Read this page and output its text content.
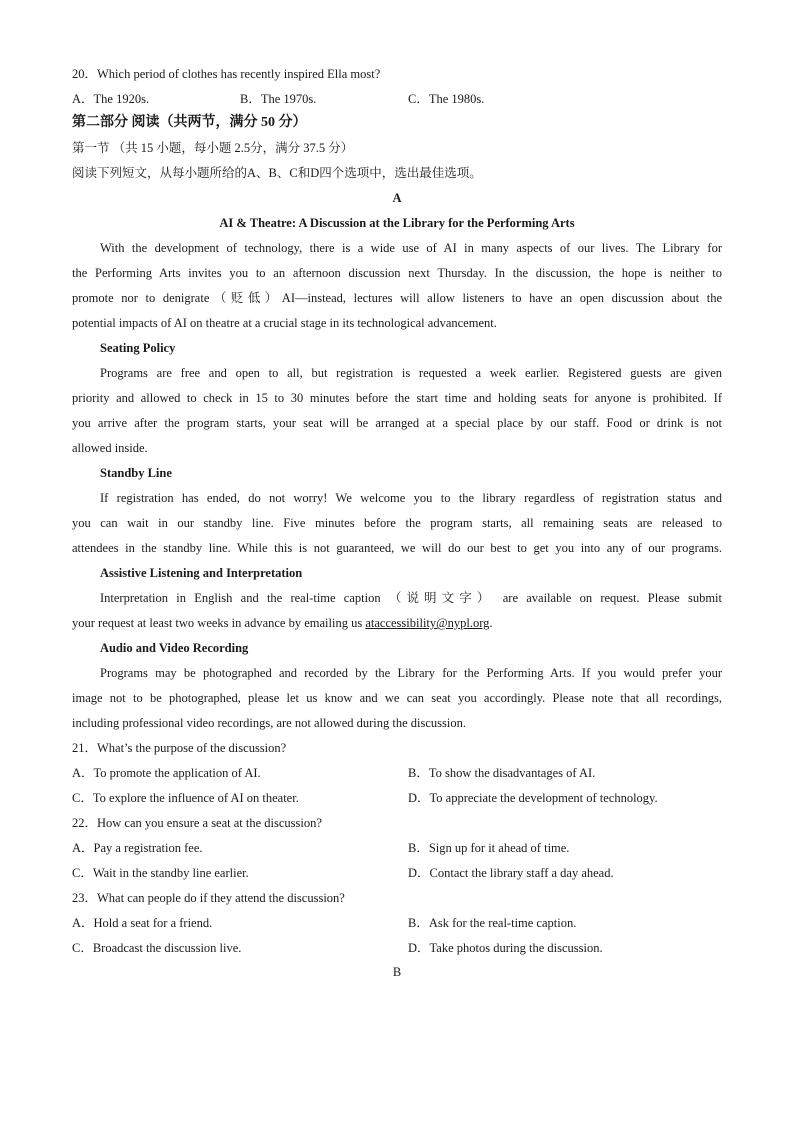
20．Which period of clothes has recently inspired Ella most?
A．The 1920s.	B．The 1970s.	C．The 1980s.
第二部分 阅读（共两节，满分 50 分）
第一节 （共 15 小题，每小题 2.5分，满分 37.5 分）
阅读下列短文，从每小题所给的A、B、C和D四个选项中，选出最佳选项。
A
AI & Theatre: A Discussion at the Library for the Performing Arts
With the development of technology, there is a wide use of AI in many aspects of our lives. The Library for
the Performing Arts invites you to an afternoon discussion next Thursday. In the discussion, the hope is neither to
promote nor to denigrate（贬低）AI—instead, lectures will allow listeners to have an open discussion about the
potential impacts of AI on theatre at a crucial stage in its technological advancement.
Seating Policy
Programs are free and open to all, but registration is requested a week earlier. Registered guests are given
priority and allowed to check in 15 to 30 minutes before the start time and holding seats for anyone is prohibited. If
you arrive after the program starts, your seat will be arranged at a special place by our staff. Food or drink is not
allowed inside.
Standby Line
If registration has ended, do not worry! We welcome you to the library regardless of registration status and
you can wait in our standby line. Five minutes before the program starts, all remaining seats are released to
attendees in the standby line. While this is not guaranteed, we will do our best to get you into any of our programs.
Assistive Listening and Interpretation
Interpretation in English and the real-time caption （说明文字） are available on request. Please submit
your request at least two weeks in advance by emailing us ataccessibility@nypl.org.
Audio and Video Recording
Programs may be photographed and recorded by the Library for the Performing Arts. If you would prefer your
image not to be photographed, please let us know and we can seat you accordingly. Please note that all recordings,
including professional video recordings, are not allowed during the discussion.
21．What’s the purpose of the discussion?
A．To promote the application of AI.	B．To show the disadvantages of AI.
C．To explore the influence of AI on theater.	D．To appreciate the development of technology.
22．How can you ensure a seat at the discussion?
A．Pay a registration fee.	B．Sign up for it ahead of time.
C．Wait in the standby line earlier.	D．Contact the library staff a day ahead.
23．What can people do if they attend the discussion?
A．Hold a seat for a friend.	B．Ask for the real-time caption.
C．Broadcast the discussion live.	D．Take photos during the discussion.
B
